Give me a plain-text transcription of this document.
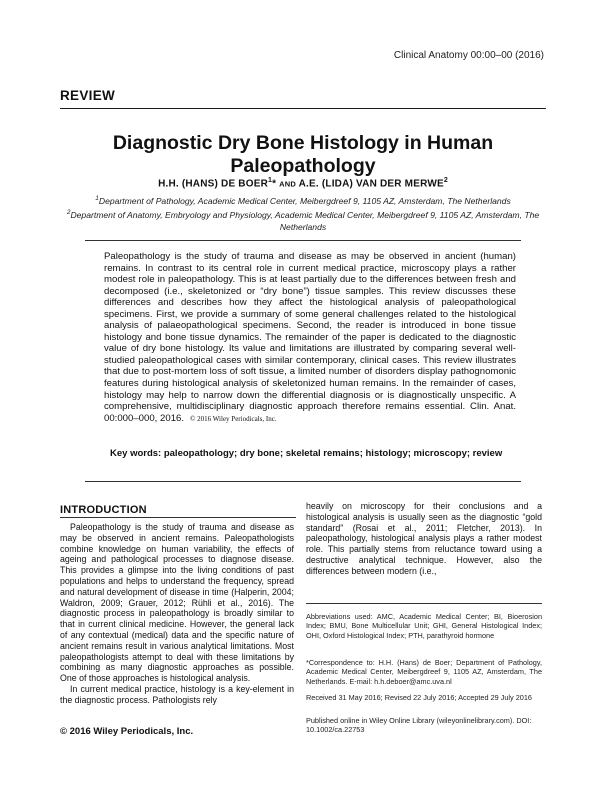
Clinical Anatomy 00:00–00 (2016)
REVIEW
Diagnostic Dry Bone Histology in Human
Paleopathology
H.H. (HANS) DE BOER$^1$* AND A.E. (LIDA) VAN DER MERWE$^2$
$^1$Department of Pathology, Academic Medical Center, Meibergdreef 9, 1105 AZ, Amsterdam, The Netherlands
$^2$Department of Anatomy, Embryology and Physiology, Academic Medical Center, Meibergdreef 9, 1105 AZ, Amsterdam, The Netherlands
Paleopathology is the study of trauma and disease as may be observed in ancient (human) remains. In contrast to its central role in current medical practice, microscopy plays a rather modest role in paleopathology. This is at least partially due to the differences between fresh and decomposed (i.e., skeletonized or “dry bone”) tissue samples. This review discusses these differences and describes how they affect the histological analysis of paleopathological specimens. First, we provide a summary of some general challenges related to the histological analysis of palaeopathological specimens. Second, the reader is introduced in bone tissue histology and bone tissue dynamics. The remainder of the paper is dedicated to the diagnostic value of dry bone histology. Its value and limitations are illustrated by comparing several well-studied paleopathological cases with similar contemporary, clinical cases. This review illustrates that due to post-mortem loss of soft tissue, a limited number of disorders display pathognomonic features during histological analysis of skeletonized human remains. In the remainder of cases, histology may help to narrow down the differential diagnosis or is diagnostically unspecific. A comprehensive, multidisciplinary diagnostic approach therefore remains essential. Clin. Anat. 00:000–000, 2016. © 2016 Wiley Periodicals, Inc.
Key words: paleopathology; dry bone; skeletal remains; histology; microscopy; review
INTRODUCTION

Paleopathology is the study of trauma and disease as may be observed in ancient remains. Paleopathologists combine knowledge on human variability, the effects of ageing and pathological processes to diagnose disease. This provides a glimpse into the living conditions of past populations and helps to understand the frequency, spread and natural development of disease in time (Halperin, 2004; Waldron, 2009; Grauer, 2012; Rühli et al., 2016). The diagnostic process in paleopathology is broadly similar to that in current clinical medicine. However, the general lack of any contextual (medical) data and the specific nature of ancient remains result in various analytical limitations. Most paleopathologists attempt to deal with these limitations by combining as many diagnostic approaches as possible. One of those approaches is histological analysis.

In current medical practice, histology is a key-element in the diagnostic process. Pathologists rely

heavily on microscopy for their conclusions and a histological analysis is usually seen as the diagnostic “gold standard” (Rosai et al., 2011; Fletcher, 2013). In paleopathology, histological analysis plays a rather modest role. This partially stems from reluctance toward using a destructive analytical technique. However, also the differences between modern (i.e.,

Abbreviations used: AMC, Academic Medical Center; BI, Bioerosion Index; BMU, Bone Multicellular Unit; GHI, General Histological Index; OHI, Oxford Histological Index; PTH, parathyroid hormone
*Correspondence to: H.H. (Hans) de Boer; Department of Pathology, Academic Medical Center, Meibergdreef 9, 1105 AZ, Amsterdam, The Netherlands. E-mail: h.h.deboer@amc.uva.nl
Received 31 May 2016; Revised 22 July 2016; Accepted 29 July 2016
Published online in Wiley Online Library (wileyonlinelibrary.com). DOI: 10.1002/ca.22753
© 2016 Wiley Periodicals, Inc.
